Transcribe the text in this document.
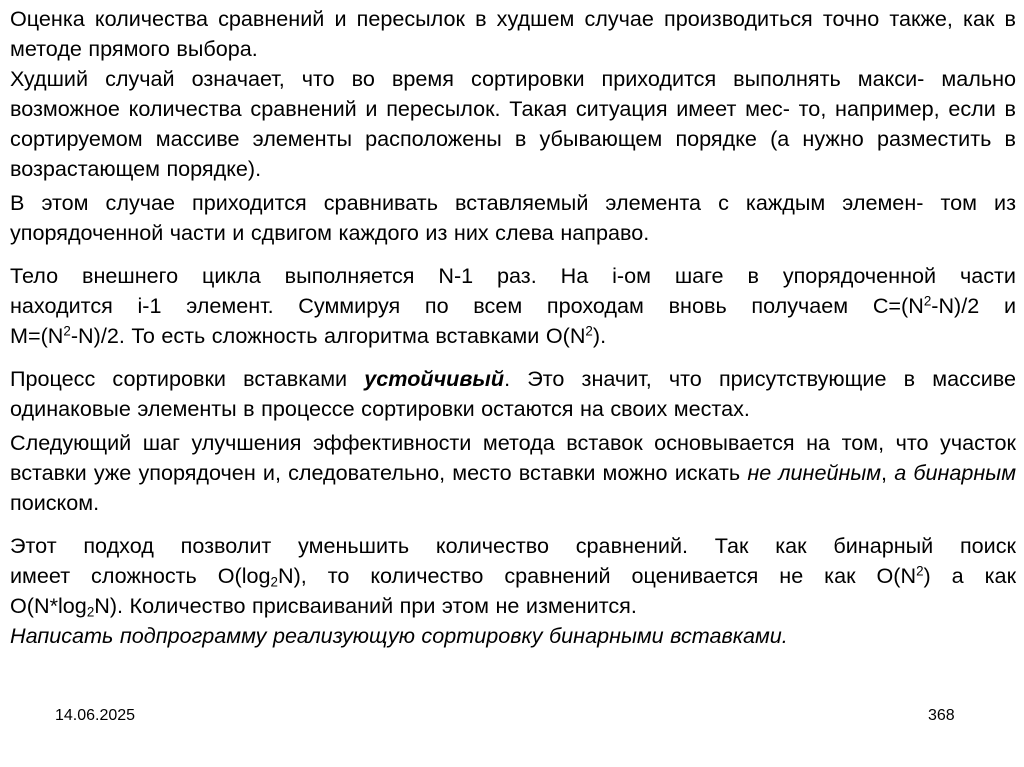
Оценка количества сравнений и пересылок в худшем случае производиться точно также, как в методе прямого выбора.

Худший случай означает, что во время сортировки приходится выполнять макси- мально возможное количества сравнений и пересылок. Такая ситуация имеет мес- то, например, если в сортируемом массиве элементы расположены в убывающем порядке (а нужно разместить в возрастающем порядке).

В этом случае приходится сравнивать вставляемый элемента с каждым элемен- том из упорядоченной части и сдвигом каждого из них слева направо.

Тело внешнего цикла выполняется N-1 раз. На i-ом шаге в упорядоченной части находится i-1 элемент. Суммируя по всем проходам вновь получаем $C=(N^2-N)/2$ и $M=(N^2-N)/2$. То есть сложность алгоритма вставками $O(N^2)$.

Процесс сортировки вставками устойчивый. Это значит, что присутствующие в массиве одинаковые элементы в процессе сортировки остаются на своих местах.

Следующий шаг улучшения эффективности метода вставок основывается на том, что участок вставки уже упорядочен и, следовательно, место вставки можно искать не линейным, а бинарным поиском.

Этот подход позволит уменьшить количество сравнений. Так как бинарный поиск имеет сложность $O(\log_2N)$, то количество сравнений оценивается не как $O(N^2)$ а как $O(N*\log_2N)$. Количество присваиваний при этом не изменится.

Написать подпрограмму реализующую сортировку бинарными вставками.

14.06.2025	368
